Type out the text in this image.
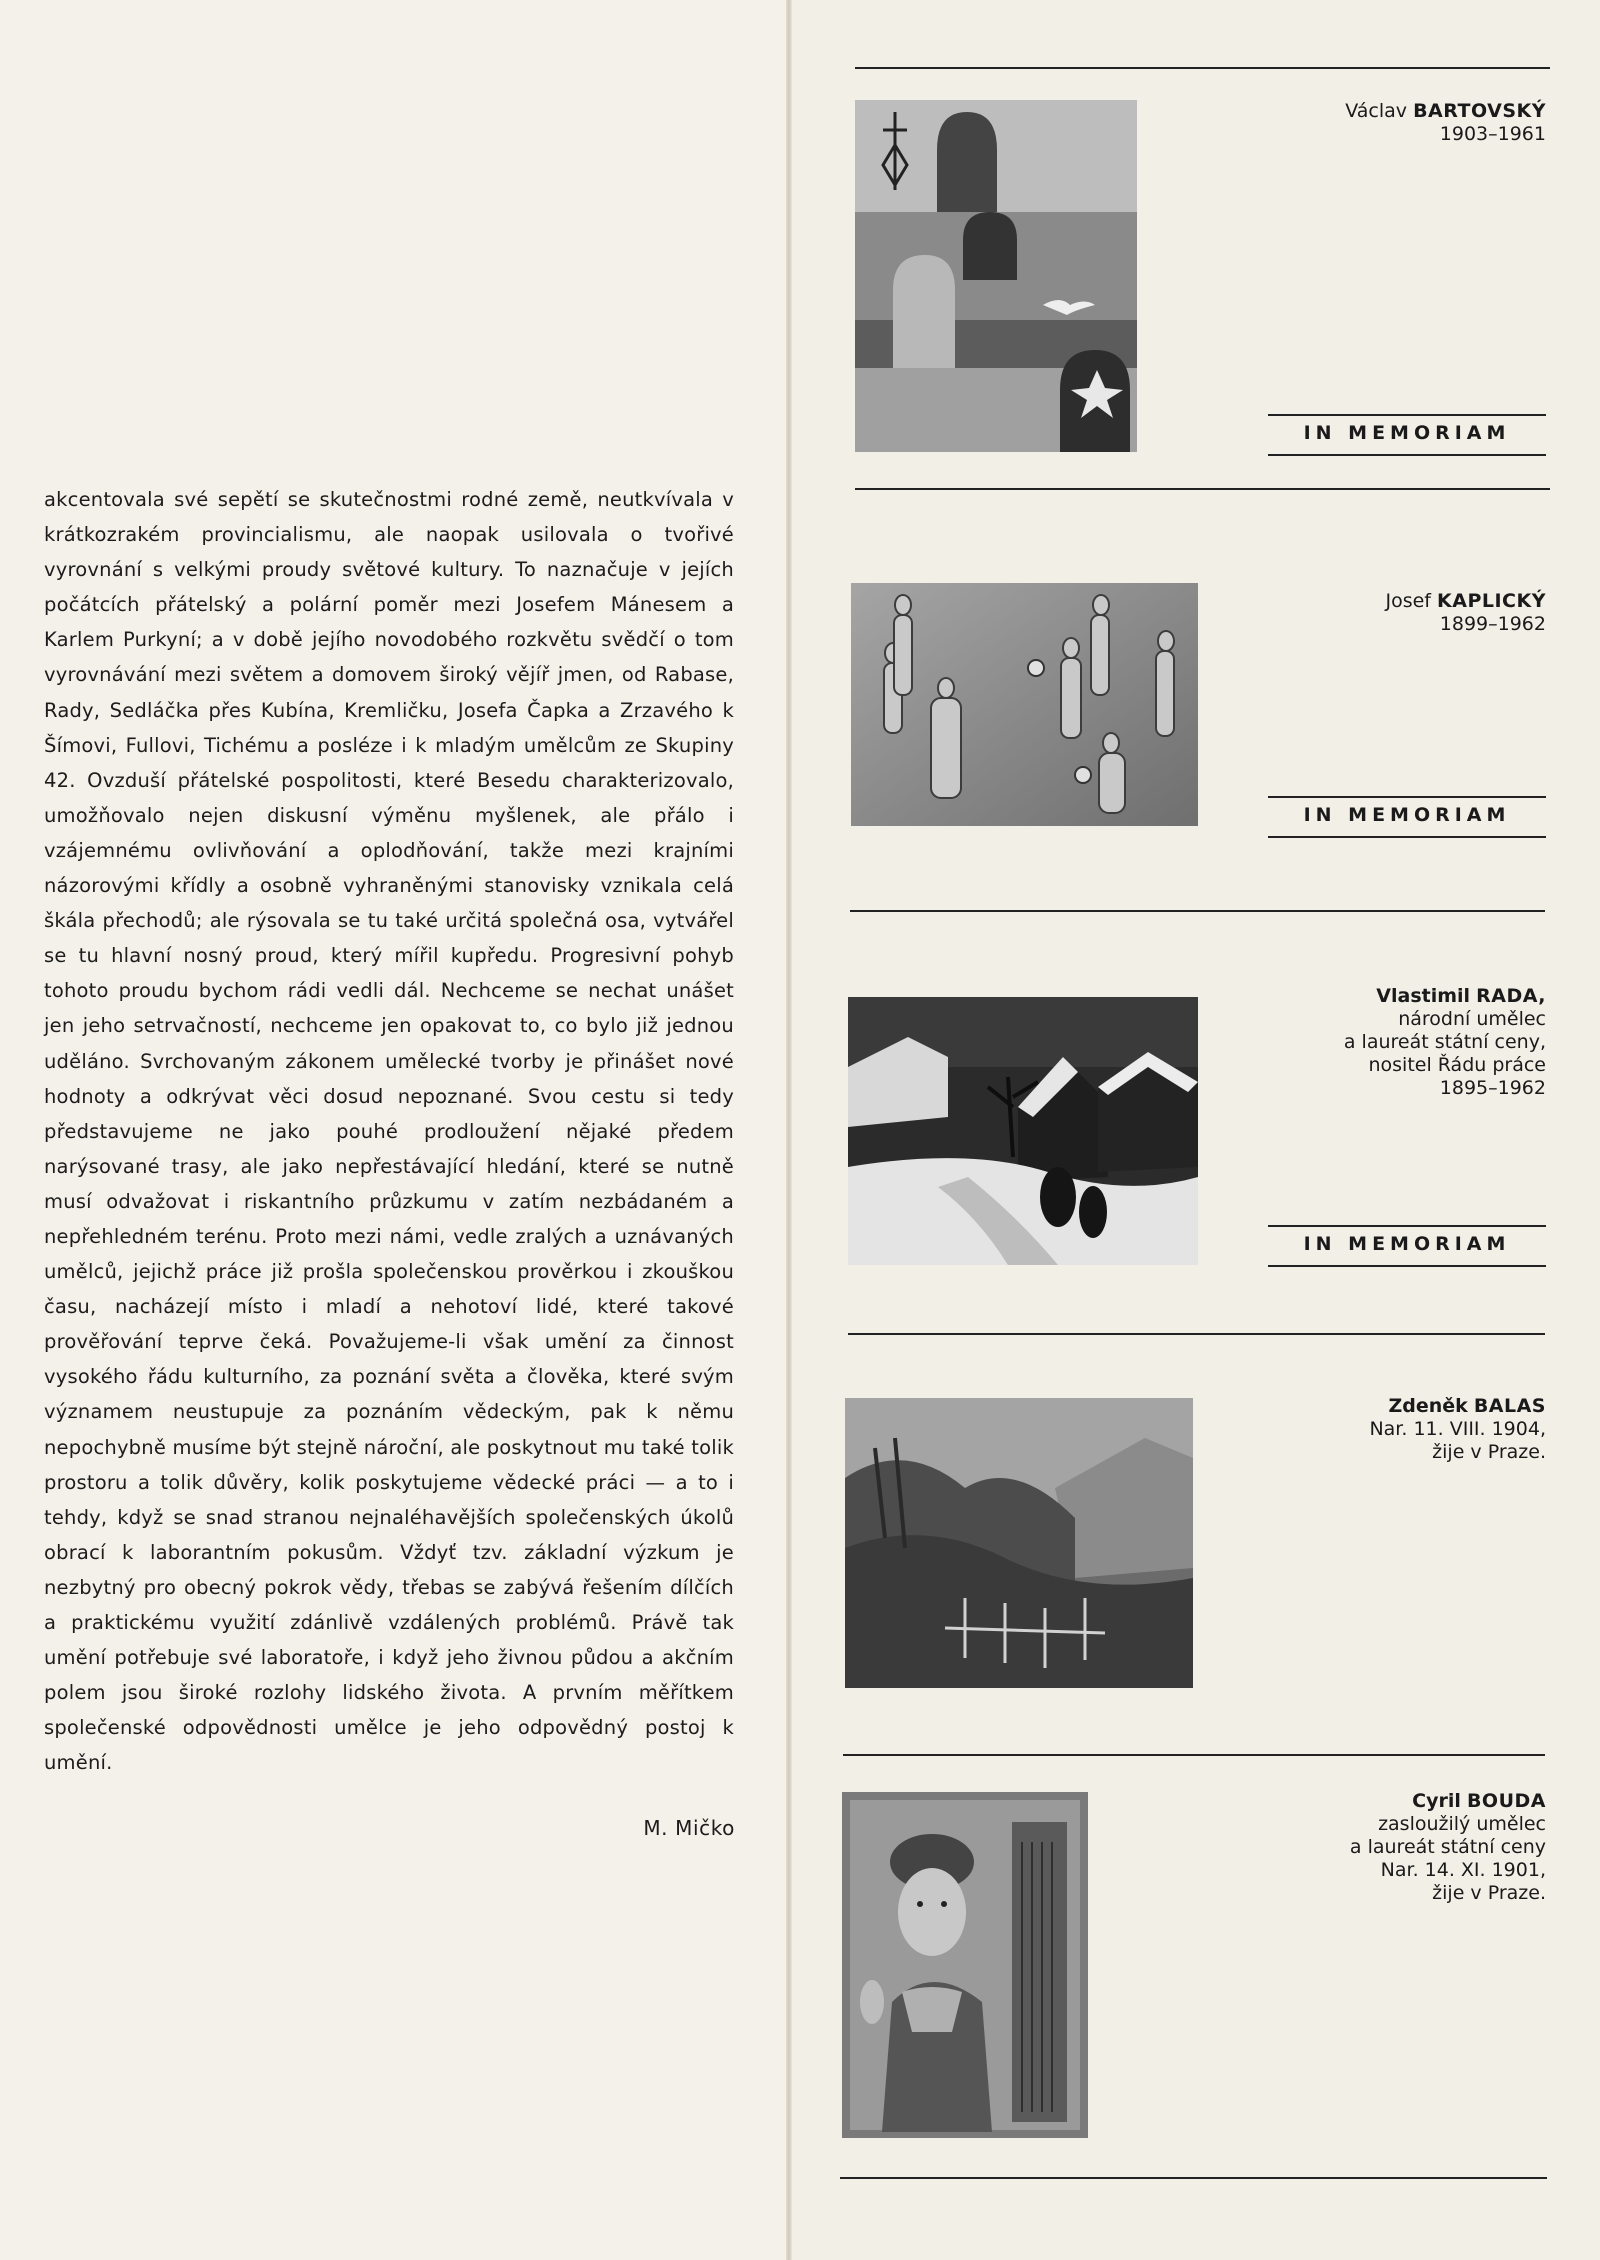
akcentovala své sepětí se skutečnostmi rodné země, neutkvívala v krátkozrakém provincialismu, ale naopak usilovala o tvořivé vyrovnání s velkými proudy světové kultury. To naznačuje v jejích počátcích přátelský a polární poměr mezi Josefem Mánesem a Karlem Purkyní; a v době jejího novodobého rozkvětu svědčí o tom vyrovnávání mezi světem a domovem široký vějíř jmen, od Rabase, Rady, Sedláčka přes Kubína, Kremličku, Josefa Čapka a Zrzavého k Šímovi, Fullovi, Tichému a posléze i k mladým umělcům ze Skupiny 42. Ovzduší přátelské pospolitosti, které Besedu charakterizovalo, umožňovalo nejen diskusní výměnu myšlenek, ale přálo i vzájemnému ovlivňování a oplodňování, takže mezi krajními názorovými křídly a osobně vyhraněnými stanovisky vznikala celá škála přechodů; ale rýsovala se tu také určitá společná osa, vytvářel se tu hlavní nosný proud, který mířil kupředu. Progresivní pohyb tohoto proudu bychom rádi vedli dál. Nechceme se nechat unášet jen jeho setrvačností, nechceme jen opakovat to, co bylo již jednou uděláno. Svrchovaným zákonem umělecké tvorby je přinášet nové hodnoty a odkrývat věci dosud nepoznané. Svou cestu si tedy představujeme ne jako pouhé prodloužení nějaké předem narýsované trasy, ale jako nepřestávající hledání, které se nutně musí odvažovat i riskantního průzkumu v zatím nezbádaném a nepřehledném terénu. Proto mezi námi, vedle zralých a uznávaných umělců, jejichž práce již prošla společenskou prověrkou i zkouškou času, nacházejí místo i mladí a nehotoví lidé, které takové prověřování teprve čeká. Považujeme-li však umění za činnost vysokého řádu kulturního, za poznání světa a člověka, které svým významem neustupuje za poznáním vědeckým, pak k němu nepochybně musíme být stejně nároční, ale poskytnout mu také tolik prostoru a tolik důvěry, kolik poskytujeme vědecké práci — a to i tehdy, když se snad stranou nejnaléhavějších společenských úkolů obrací k laborantním pokusům. Vždyť tzv. základní výzkum je nezbytný pro obecný pokrok vědy, třebas se zabývá řešením dílčích a praktickému využití zdánlivě vzdálených problémů. Právě tak umění potřebuje své laboratoře, i když jeho živnou půdou a akčním polem jsou široké rozlohy lidského života. A prvním měřítkem společenské odpovědnosti umělce je jeho odpovědný postoj k umění.

M. Mičko
Václav BARTOVSKÝ
1903–1961
IN MEMORIAM
Josef KAPLICKÝ
1899–1962
IN MEMORIAM
Vlastimil RADA,
národní umělec
a laureát státní ceny,
nositel Řádu práce
1895–1962
IN MEMORIAM
Zdeněk BALAS
Nar. 11. VIII. 1904,
žije v Praze.
Cyril BOUDA
zasloužilý umělec
a laureát státní ceny
Nar. 14. XI. 1901,
žije v Praze.
